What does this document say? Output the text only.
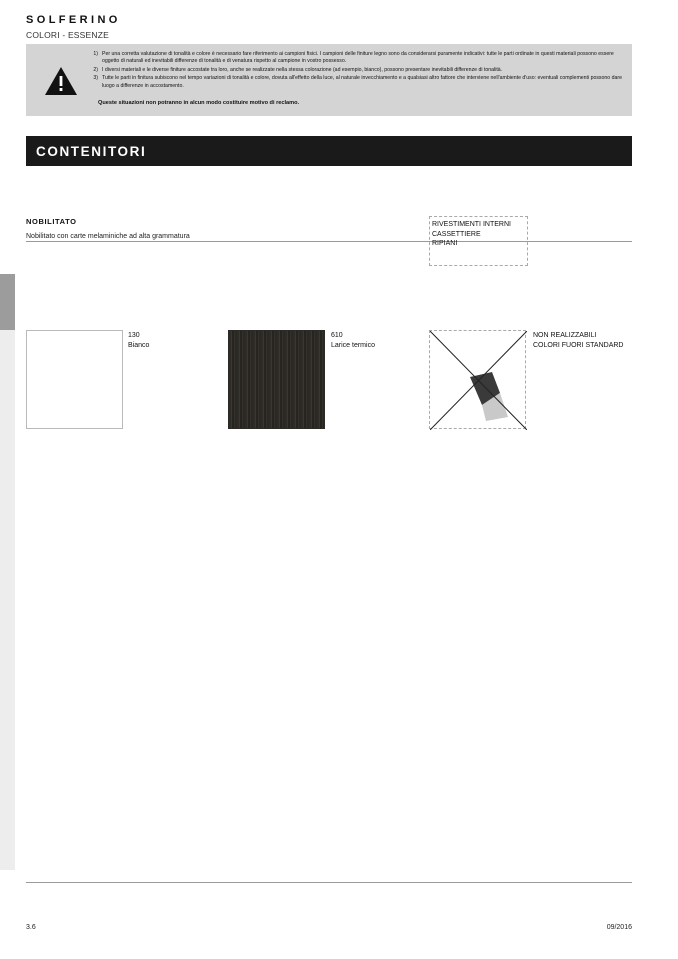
SOLFERINO
COLORI - ESSENZE
1) Per una corretta valutazione di tonalità e colore è necessario fare riferimento ai campioni fisici. I campioni delle finiture legno sono da considerarsi puramente indicativi: tutte le parti ordinate in questi materiali possono essere oggetto di naturali ed inevitabili differenze di tonalità e di venatura rispetto al campione in vostro possesso.
2) I diversi materiali e le diverse finiture accostate tra loro, anche se realizzate nella stessa colorazione (ad esempio, bianco), possono presentare inevitabili differenze di tonalità.
3) Tutte le parti in finitura subiscono nel tempo variazioni di tonalità e colore, dovuta all'effetto della luce, al naturale invecchiamento e a qualsiasi altro fattore che interviene nell'ambiente d'uso: eventuali complementi possono dare luogo a differenze in accostamento.
Queste situazioni non potranno in alcun modo costituire motivo di reclamo.
CONTENITORI
NOBILITATO
Nobilitato con carte melaminiche ad alta grammatura
RIVESTIMENTI INTERNI
CASSETTIERE
RIPIANI
130
Bianco
610
Larice termico
NON REALIZZABILI
COLORI FUORI STANDARD
3.6	09/2016
